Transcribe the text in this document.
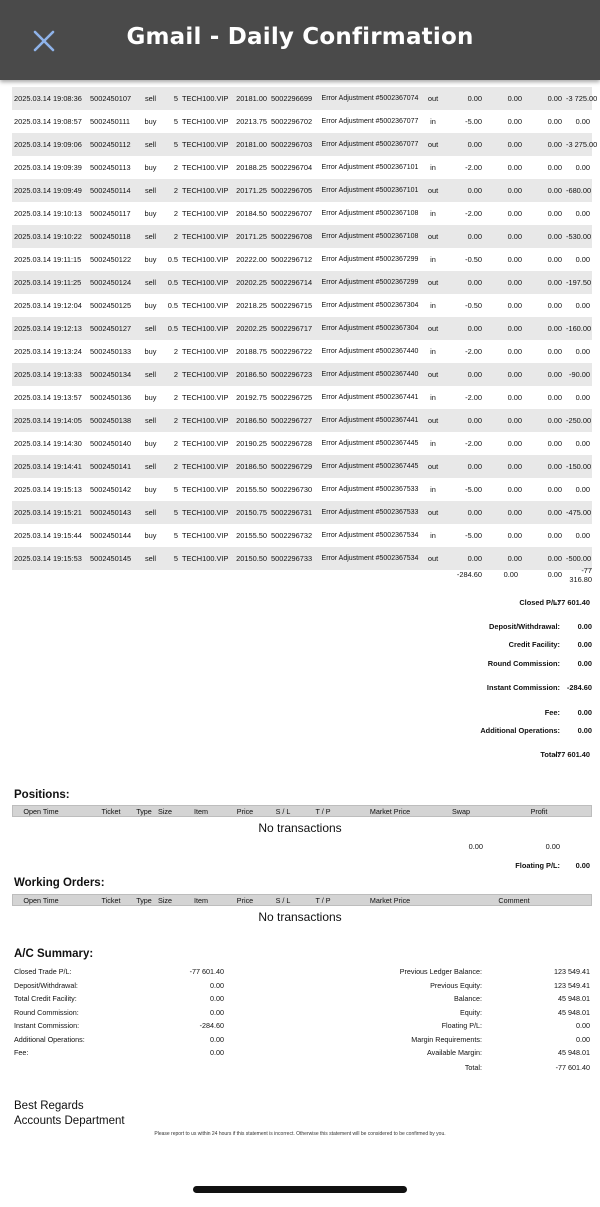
Gmail - Daily Confirmation
2025.03.14 19:08:36	5002450107	sell	5	TECH100.VIP	20181.00	5002296699	Error Adjustment #5002367074	out	0.00	0.00	0.00	-3 725.00
2025.03.14 19:08:57	5002450111	buy	5	TECH100.VIP	20213.75	5002296702	Error Adjustment #5002367077	in	-5.00	0.00	0.00	0.00
2025.03.14 19:09:06	5002450112	sell	5	TECH100.VIP	20181.00	5002296703	Error Adjustment #5002367077	out	0.00	0.00	0.00	-3 275.00
2025.03.14 19:09:39	5002450113	buy	2	TECH100.VIP	20188.25	5002296704	Error Adjustment #5002367101	in	-2.00	0.00	0.00	0.00
2025.03.14 19:09:49	5002450114	sell	2	TECH100.VIP	20171.25	5002296705	Error Adjustment #5002367101	out	0.00	0.00	0.00	-680.00
2025.03.14 19:10:13	5002450117	buy	2	TECH100.VIP	20184.50	5002296707	Error Adjustment #5002367108	in	-2.00	0.00	0.00	0.00
2025.03.14 19:10:22	5002450118	sell	2	TECH100.VIP	20171.25	5002296708	Error Adjustment #5002367108	out	0.00	0.00	0.00	-530.00
2025.03.14 19:11:15	5002450122	buy	0.5	TECH100.VIP	20222.00	5002296712	Error Adjustment #5002367299	in	-0.50	0.00	0.00	0.00
2025.03.14 19:11:25	5002450124	sell	0.5	TECH100.VIP	20202.25	5002296714	Error Adjustment #5002367299	out	0.00	0.00	0.00	-197.50
2025.03.14 19:12:04	5002450125	buy	0.5	TECH100.VIP	20218.25	5002296715	Error Adjustment #5002367304	in	-0.50	0.00	0.00	0.00
2025.03.14 19:12:13	5002450127	sell	0.5	TECH100.VIP	20202.25	5002296717	Error Adjustment #5002367304	out	0.00	0.00	0.00	-160.00
2025.03.14 19:13:24	5002450133	buy	2	TECH100.VIP	20188.75	5002296722	Error Adjustment #5002367440	in	-2.00	0.00	0.00	0.00
2025.03.14 19:13:33	5002450134	sell	2	TECH100.VIP	20186.50	5002296723	Error Adjustment #5002367440	out	0.00	0.00	0.00	-90.00
2025.03.14 19:13:57	5002450136	buy	2	TECH100.VIP	20192.75	5002296725	Error Adjustment #5002367441	in	-2.00	0.00	0.00	0.00
2025.03.14 19:14:05	5002450138	sell	2	TECH100.VIP	20186.50	5002296727	Error Adjustment #5002367441	out	0.00	0.00	0.00	-250.00
2025.03.14 19:14:30	5002450140	buy	2	TECH100.VIP	20190.25	5002296728	Error Adjustment #5002367445	in	-2.00	0.00	0.00	0.00
2025.03.14 19:14:41	5002450141	sell	2	TECH100.VIP	20186.50	5002296729	Error Adjustment #5002367445	out	0.00	0.00	0.00	-150.00
2025.03.14 19:15:13	5002450142	buy	5	TECH100.VIP	20155.50	5002296730	Error Adjustment #5002367533	in	-5.00	0.00	0.00	0.00
2025.03.14 19:15:21	5002450143	sell	5	TECH100.VIP	20150.75	5002296731	Error Adjustment #5002367533	out	0.00	0.00	0.00	-475.00
2025.03.14 19:15:44	5002450144	buy	5	TECH100.VIP	20155.50	5002296732	Error Adjustment #5002367534	in	-5.00	0.00	0.00	0.00
2025.03.14 19:15:53	5002450145	sell	5	TECH100.VIP	20150.50	5002296733	Error Adjustment #5002367534	out	0.00	0.00	0.00	-500.00
-284.60	0.00	0.00	-77 316.80
Closed P/L:
-77 601.40
Deposit/Withdrawal:	0.00
Credit Facility:	0.00
Round Commission:	0.00
Instant Commission: -284.60
Fee:	0.00
Additional Operations:	0.00
Total:
-77 601.40
Positions:
Open Time	Ticket	Type Size	Item	Price	S / L	T / P	Market Price	Swap	Profit
No transactions
0.00	0.00
Floating P/L:	0.00
Working Orders:
Open Time	Ticket	Type Size	Item	Price	S / L	T / P	Market Price	Comment
No transactions
A/C Summary:
Closed Trade P/L:	-77 601.40
Deposit/Withdrawal:	0.00
Total Credit Facility:	0.00
Round Commission:	0.00
Instant Commission:	-284.60
Additional Operations:	0.00
Fee:	0.00
Previous Ledger Balance:	123 549.41
Previous Equity:	123 549.41
Balance:	45 948.01
Equity:	45 948.01
Floating P/L:	0.00
Margin Requirements:	0.00
Available Margin:	45 948.01
Total:	-77 601.40
Best Regards
Accounts Department
Please report to us within 24 hours if this statement is incorrect. Otherwise this statement will be considered to be confirmed by you.
